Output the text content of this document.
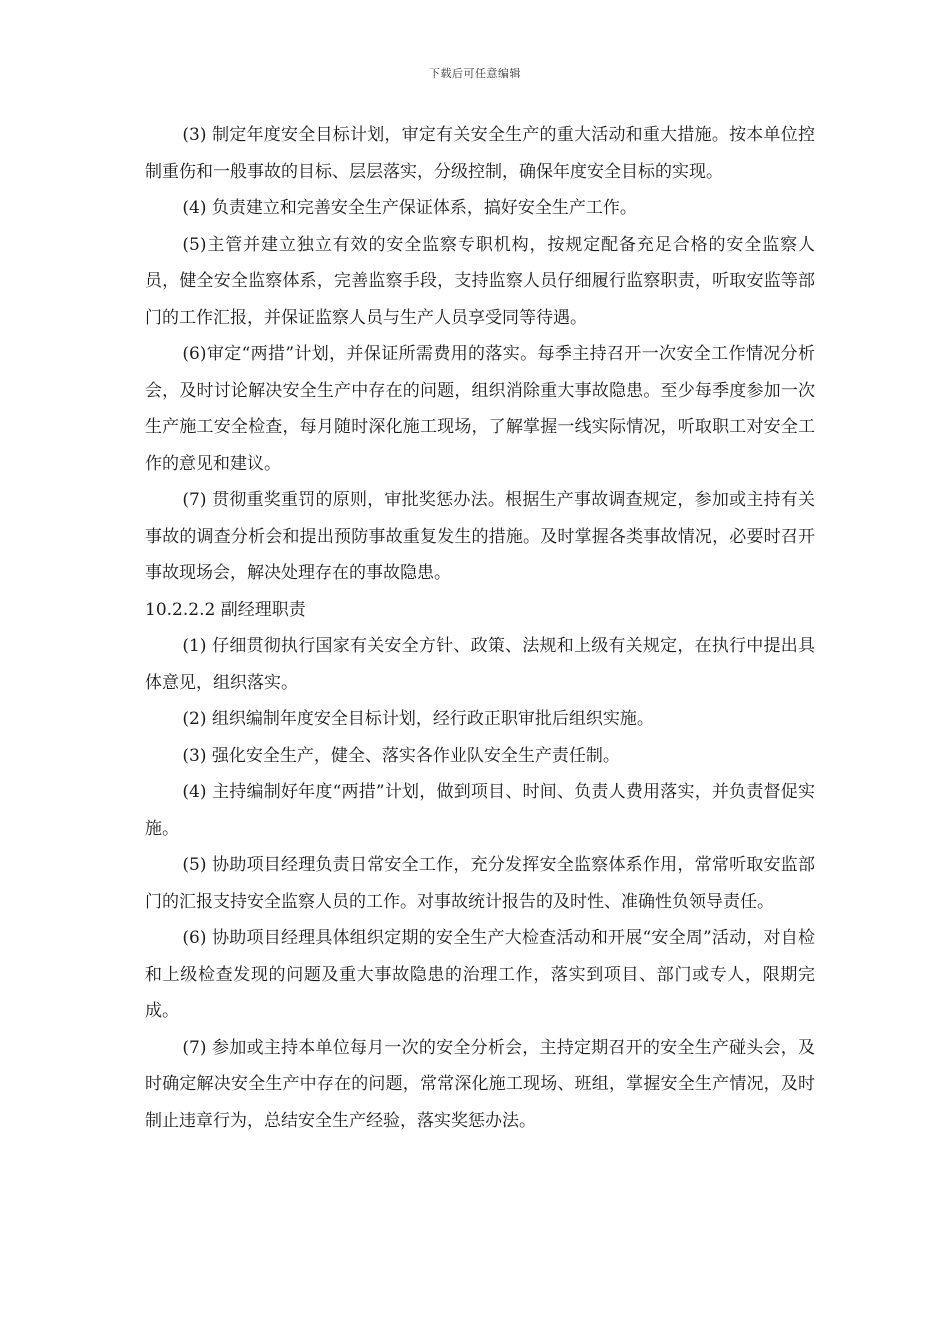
下载后可任意编辑

(3) 制定年度安全目标计划，审定有关安全生产的重大活动和重大措施。按本单位控制重伤和一般事故的目标、层层落实，分级控制，确保年度安全目标的实现。

(4) 负责建立和完善安全生产保证体系，搞好安全生产工作。

(5)主管并建立独立有效的安全监察专职机构，按规定配备充足合格的安全监察人员，健全安全监察体系，完善监察手段，支持监察人员仔细履行监察职责，听取安监等部门的工作汇报，并保证监察人员与生产人员享受同等待遇。

(6)审定“两措”计划，并保证所需费用的落实。每季主持召开一次安全工作情况分析会，及时讨论解决安全生产中存在的问题，组织消除重大事故隐患。至少每季度参加一次生产施工安全检查，每月随时深化施工现场，了解掌握一线实际情况，听取职工对安全工作的意见和建议。

(7) 贯彻重奖重罚的原则，审批奖惩办法。根据生产事故调查规定，参加或主持有关事故的调查分析会和提出预防事故重复发生的措施。及时掌握各类事故情况，必要时召开事故现场会，解决处理存在的事故隐患。

10.2.2.2 副经理职责

(1) 仔细贯彻执行国家有关安全方针、政策、法规和上级有关规定，在执行中提出具体意见，组织落实。

(2) 组织编制年度安全目标计划，经行政正职审批后组织实施。

(3) 强化安全生产，健全、落实各作业队安全生产责任制。

(4) 主持编制好年度“两措”计划，做到项目、时间、负责人费用落实，并负责督促实施。

(5) 协助项目经理负责日常安全工作，充分发挥安全监察体系作用，常常听取安监部门的汇报支持安全监察人员的工作。对事故统计报告的及时性、准确性负领导责任。

(6) 协助项目经理具体组织定期的安全生产大检查活动和开展“安全周”活动，对自检和上级检查发现的问题及重大事故隐患的治理工作，落实到项目、部门或专人，限期完成。

(7) 参加或主持本单位每月一次的安全分析会，主持定期召开的安全生产碰头会，及时确定解决安全生产中存在的问题，常常深化施工现场、班组，掌握安全生产情况，及时制止违章行为，总结安全生产经验，落实奖惩办法。
